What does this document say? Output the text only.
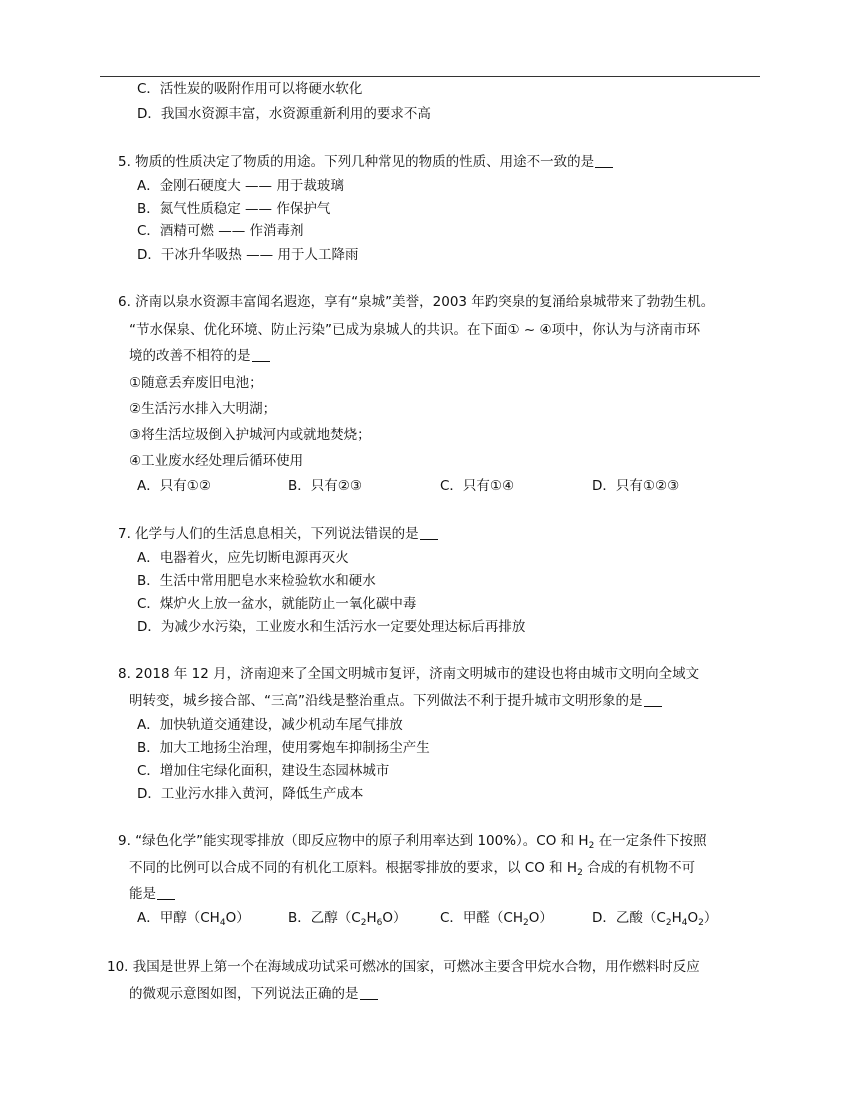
C．活性炭的吸附作用可以将硬水软化
D．我国水资源丰富，水资源重新利用的要求不高
5. 物质的性质决定了物质的用途。下列几种常见的物质的性质、用途不一致的是
A．金刚石硬度大 —— 用于裁玻璃
B．氮气性质稳定 —— 作保护气
C．酒精可燃 —— 作消毒剂
D．干冰升华吸热 —— 用于人工降雨
6. 济南以泉水资源丰富闻名遐迩，享有“泉城”美誉，2003 年趵突泉的复涌给泉城带来了勃勃生机。
“节水保泉、优化环境、防止污染”已成为泉城人的共识。在下面① ~ ④项中，你认为与济南市环
境的改善不相符的是
①随意丢弃废旧电池；
②生活污水排入大明湖；
③将生活垃圾倒入护城河内或就地焚烧；
④工业废水经处理后循环使用
A．只有①②	B．只有②③	C．只有①④	D．只有①②③
7. 化学与人们的生活息息相关，下列说法错误的是
A．电器着火，应先切断电源再灭火
B．生活中常用肥皂水来检验软水和硬水
C．煤炉火上放一盆水，就能防止一氧化碳中毒
D．为减少水污染，工业废水和生活污水一定要处理达标后再排放
8. 2018 年 12 月，济南迎来了全国文明城市复评，济南文明城市的建设也将由城市文明向全域文
明转变，城乡接合部、“三高”沿线是整治重点。下列做法不利于提升城市文明形象的是
A．加快轨道交通建设，减少机动车尾气排放
B．加大工地扬尘治理，使用雾炮车抑制扬尘产生
C．增加住宅绿化面积，建设生态园林城市
D．工业污水排入黄河，降低生产成本
9. “绿色化学”能实现零排放（即反应物中的原子利用率达到 100%）。CO 和 $H_2$ 在一定条件下按照
不同的比例可以合成不同的有机化工原料。根据零排放的要求，以 CO 和 $H_2$ 合成的有机物不可
能是
A．甲醇$(CH_4O)$	B．乙醇$(C_2H_6O)$ C．甲醛$(CH_2O)$	D．乙酸$(C_2H_4O_2)$
10. 我国是世界上第一个在海域成功试采可燃冰的国家，可燃冰主要含甲烷水合物，用作燃料时反应
的微观示意图如图，下列说法正确的是
